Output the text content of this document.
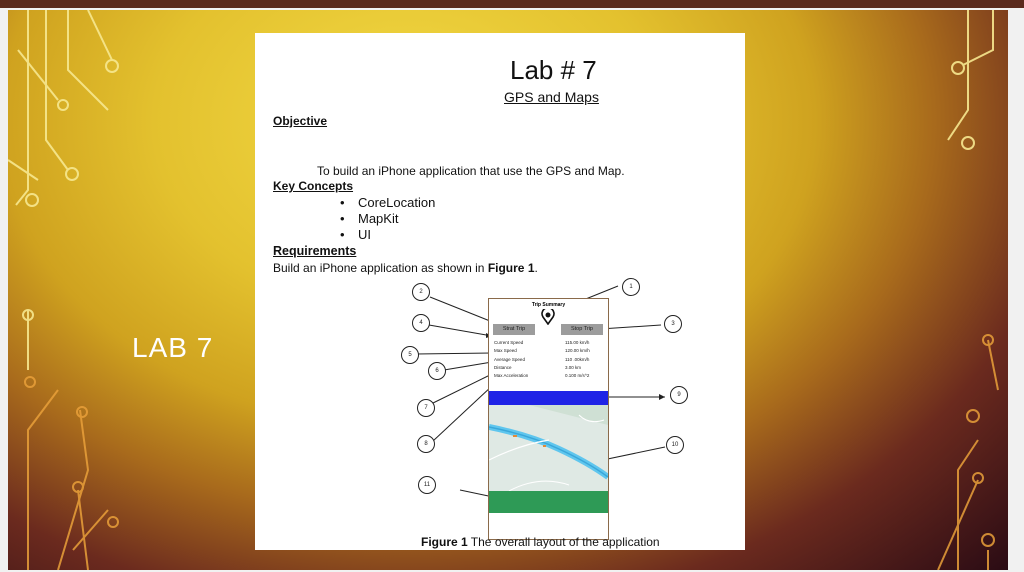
LAB 7
Lab # 7
GPS and Maps
Objective
To build an iPhone application that use the GPS and Map.
Key Concepts
• CoreLocation
• MapKit
• UI
Requirements
Build an iPhone application as shown in Figure 1.
Trip Summary
Strat Trip	Stop Trip
Current Speed	115.00 km/h
Max Speed	120.00 km/h
Average Speed	110 .00km/h
Distance	3.00 km
Max Acceleration	0.100 m/s^2
1
2
3
4
5
6
7
8
9
10
11
Figure 1 The overall layout of the application
